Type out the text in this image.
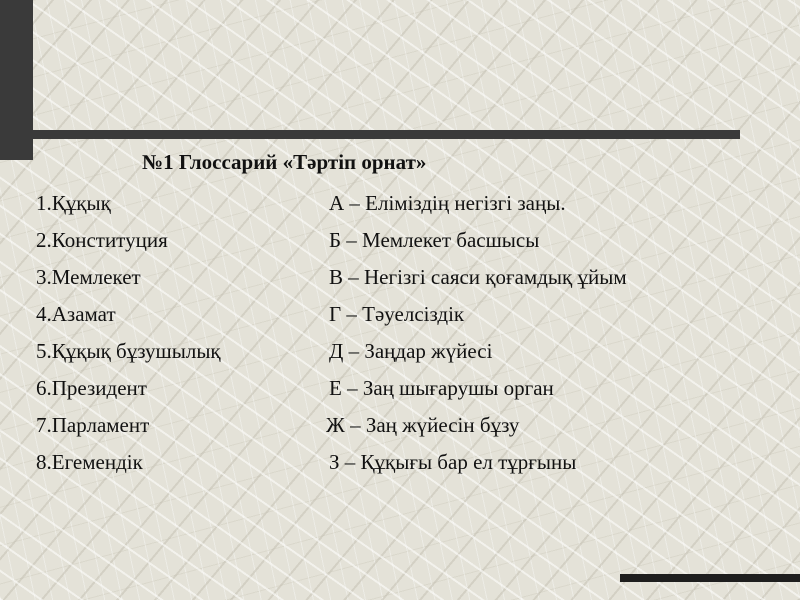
№1 Глоссарий «Тәртіп орнат»
1.Құқық	А – Еліміздің негізгі заңы.
2.Конституция	Б – Мемлекет басшысы
3.Мемлекет	В – Негізгі саяси қоғамдық ұйым
4.Азамат	Г – Тәуелсіздік
5.Құқық бұзушылық	Д – Заңдар жүйесі
6.Президент	Е – Заң шығарушы орган
7.Парламент	Ж – Заң жүйесін бұзу
8.Егемендік	З – Құқығы бар ел тұрғыны
